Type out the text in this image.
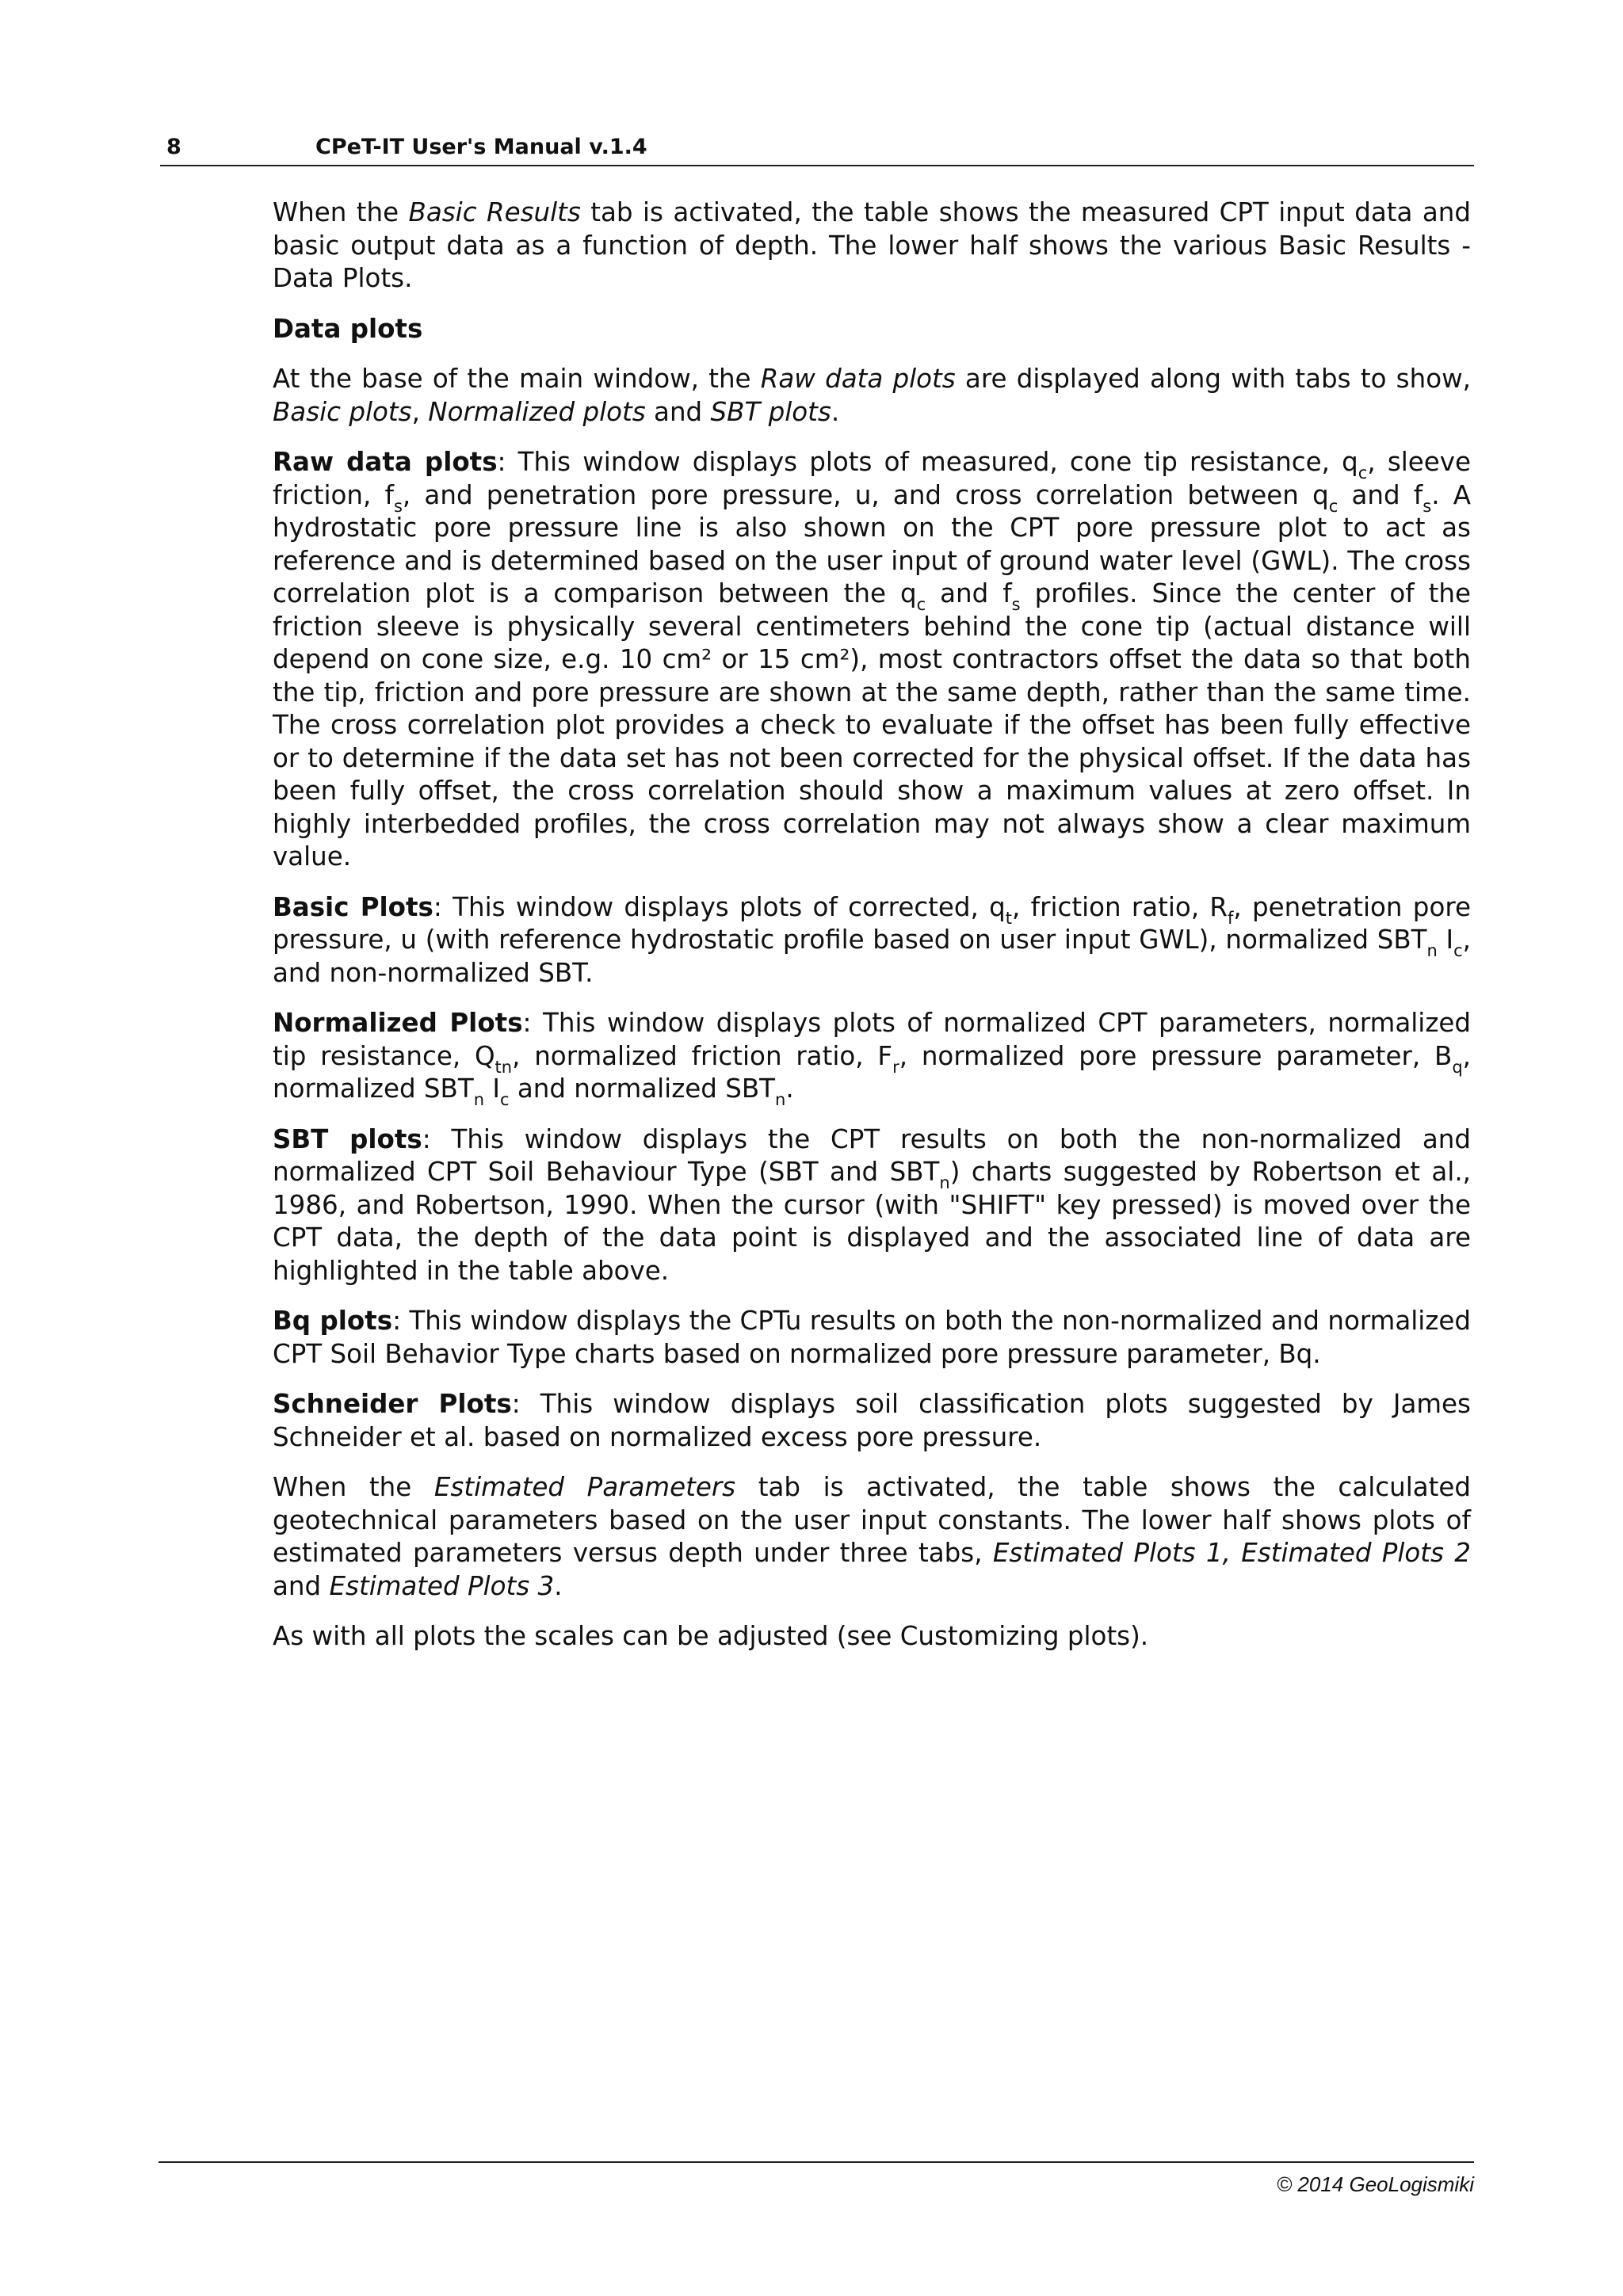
8	CPeT-IT User's Manual v.1.4

When the Basic Results tab is activated, the table shows the measured CPT input data and basic output data as a function of depth. The lower half shows the various Basic Results - Data Plots.

Data plots

At the base of the main window, the Raw data plots are displayed along with tabs to show, Basic plots, Normalized plots and SBT plots.

Raw data plots: This window displays plots of measured, cone tip resistance, $q_c$, sleeve friction, $f_s$, and penetration pore pressure, u, and cross correlation between $q_c$ and $f_s$. A hydrostatic pore pressure line is also shown on the CPT pore pressure plot to act as reference and is determined based on the user input of ground water level (GWL). The cross correlation plot is a comparison between the $q_c$ and $f_s$ profiles. Since the center of the friction sleeve is physically several centimeters behind the cone tip (actual distance will depend on cone size, e.g. 10 cm² or 15 cm²), most contractors offset the data so that both the tip, friction and pore pressure are shown at the same depth, rather than the same time. The cross correlation plot provides a check to evaluate if the offset has been fully effective or to determine if the data set has not been corrected for the physical offset. If the data has been fully offset, the cross correlation should show a maximum values at zero offset. In highly interbedded profiles, the cross correlation may not always show a clear maximum value.

Basic Plots: This window displays plots of corrected, $q_t$, friction ratio, $R_f$, penetration pore pressure, u (with reference hydrostatic profile based on user input GWL), normalized $SBT_n$ $I_c$, and non-normalized SBT.

Normalized Plots: This window displays plots of normalized CPT parameters, normalized tip resistance, $Q_{tn}$, normalized friction ratio, $F_r$, normalized pore pressure parameter, $B_q$, normalized $SBT_n$ $I_c$ and normalized $SBT_n$.

SBT plots: This window displays the CPT results on both the non-normalized and normalized CPT Soil Behaviour Type (SBT and $SBT_n$) charts suggested by Robertson et al., 1986, and Robertson, 1990. When the cursor (with "SHIFT" key pressed) is moved over the CPT data, the depth of the data point is displayed and the associated line of data are highlighted in the table above.

Bq plots: This window displays the CPTu results on both the non-normalized and normalized CPT Soil Behavior Type charts based on normalized pore pressure parameter, Bq.

Schneider Plots: This window displays soil classification plots suggested by James Schneider et al. based on normalized excess pore pressure.

When the Estimated Parameters tab is activated, the table shows the calculated geotechnical parameters based on the user input constants. The lower half shows plots of estimated parameters versus depth under three tabs, Estimated Plots 1, Estimated Plots 2 and Estimated Plots 3.

As with all plots the scales can be adjusted (see Customizing plots).

© 2014 GeoLogismiki
